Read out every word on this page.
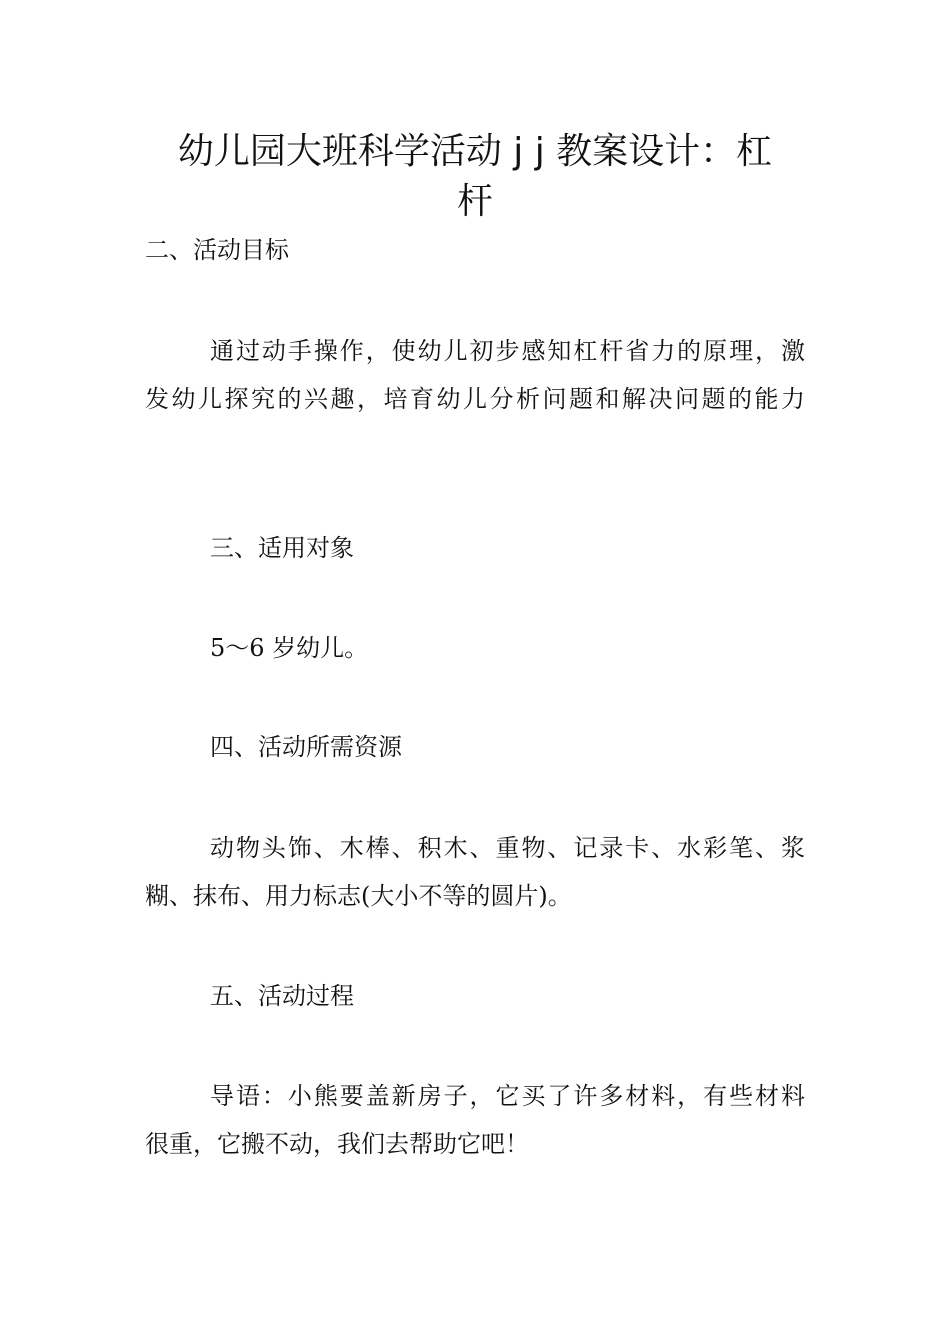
幼儿园大班科学活动 j j 教案设计：杠
杆
二、活动目标
通过动手操作，使幼儿初步感知杠杆省力的原理，激
发幼儿探究的兴趣，培育幼儿分析问题和解决问题的能力
三、适用对象
5～6 岁幼儿。
四、活动所需资源
动物头饰、木棒、积木、重物、记录卡、水彩笔、浆
糊、抹布、用力标志(大小不等的圆片)。
五、活动过程
导语：小熊要盖新房子，它买了许多材料，有些材料
很重，它搬不动，我们去帮助它吧！
